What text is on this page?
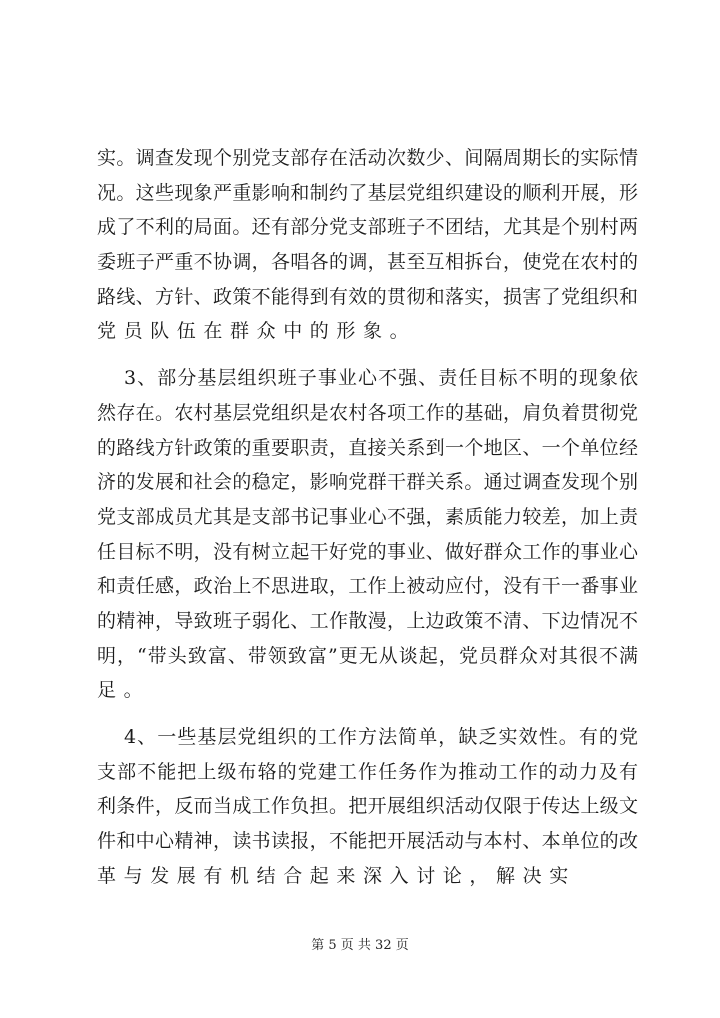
实。调查发现个别党支部存在活动次数少、间隔周期长的实际情
况。这些现象严重影响和制约了基层党组织建设的顺利开展，形
成了不利的局面。还有部分党支部班子不团结，尤其是个别村两
委班子严重不协调，各唱各的调，甚至互相拆台，使党在农村的
路线、方针、政策不能得到有效的贯彻和落实，损害了党组织和
党员队伍在群众中的形象。
3、部分基层组织班子事业心不强、责任目标不明的现象依
然存在。农村基层党组织是农村各项工作的基础，肩负着贯彻党
的路线方针政策的重要职责，直接关系到一个地区、一个单位经
济的发展和社会的稳定，影响党群干群关系。通过调查发现个别
党支部成员尤其是支部书记事业心不强，素质能力较差，加上责
任目标不明，没有树立起干好党的事业、做好群众工作的事业心
和责任感，政治上不思进取，工作上被动应付，没有干一番事业
的精神，导致班子弱化、工作散漫，上边政策不清、下边情况不
明，“带头致富、带领致富”更无从谈起，党员群众对其很不满
足。
4、一些基层党组织的工作方法简单，缺乏实效性。有的党
支部不能把上级布辂的党建工作任务作为推动工作的动力及有
利条件，反而当成工作负担。把开展组织活动仅限于传达上级文
件和中心精神，读书读报，不能把开展活动与本村、本单位的改
革与发展有机结合起来深入讨论，解决实
第 5 页 共 32 页
